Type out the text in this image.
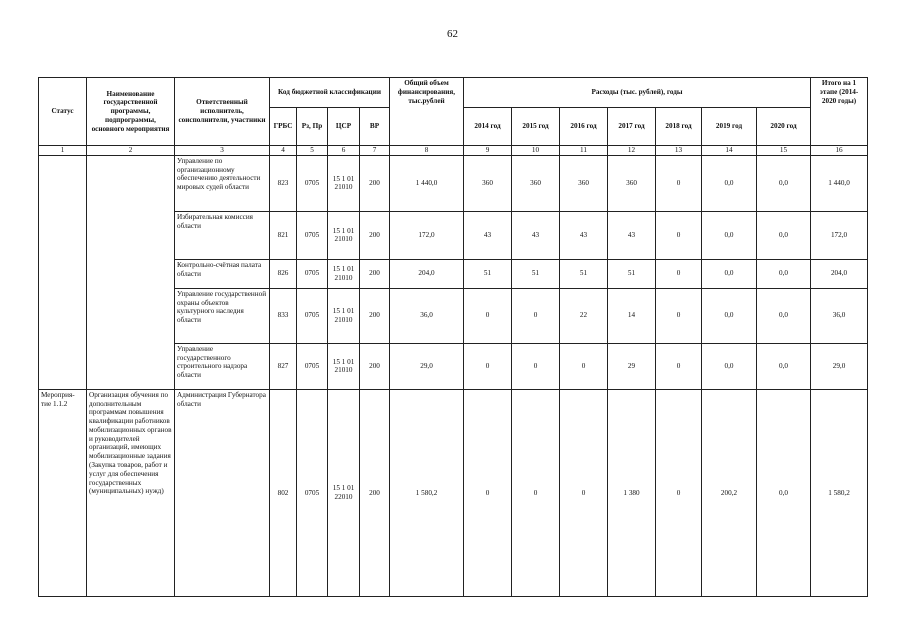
62
Статус	Наименование государственной программы, подпрограммы, основного мероприятия	Ответственный исполнитель, соисполнители, участники	Код бюджетной классификации				Общий объем финансирования, тыс.рублей	Расходы (тыс. рублей), годы							Итого на 1 этапе (2014-2020 годы)
			ГРБС	Рз, Пр	ЦСР	ВР		2014 год	2015 год	2016 год	2017 год	2018 год	2019 год	2020 год	
1	2	3	4	5	6	7	8	9	10	11	12	13	14	15	16
		Управление по организационному обеспечению деятельности мировых судей области	823	0705	15 1 01 21010	200	1 440,0	360	360	360	360	0	0,0	0,0	1 440,0
		Избирательная комиссия области	821	0705	15 1 01 21010	200	172,0	43	43	43	43	0	0,0	0,0	172,0
		Контрольно-счётная палата области	826	0705	15 1 01 21010	200	204,0	51	51	51	51	0	0,0	0,0	204,0
		Управление государственной охраны объектов культурного наследия области	833	0705	15 1 01 21010	200	36,0	0	0	22	14	0	0,0	0,0	36,0
		Управление государственного строительного надзора области	827	0705	15 1 01 21010	200	29,0	0	0	0	29	0	0,0	0,0	29,0
Мероприя-тие 1.1.2	Организация обучения по дополнительным программам повышения квалификации работников мобилизационных органов и руководителей организаций, имеющих мобилизационные задания (Закупка товаров, работ и услуг для обеспечения государственных (муниципальных) нужд)	Администрация Губернатора области	802	0705	15 1 01 22010	200	1 580,2	0	0	0	1 380	0	200,2	0,0	1 580,2
